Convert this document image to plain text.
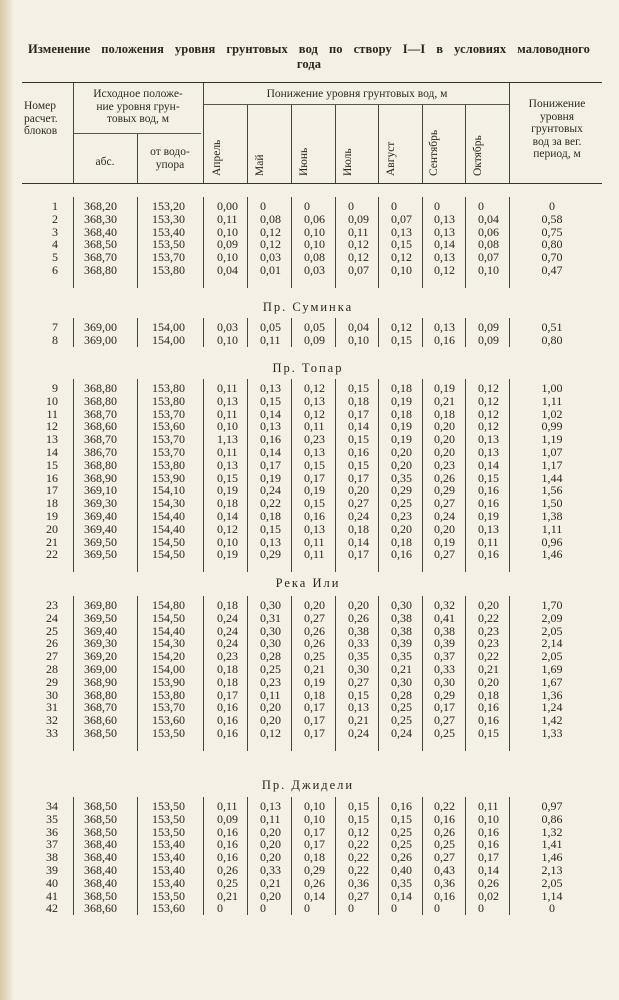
Изменение положения уровня грунтовых вод по створу I—I в условиях маловодного
года
Номер
расчет.
блоков
Исходное положе-
ние уровня грун-
товых вод, м
абс.
от водо-
упора
Понижение уровня грунтовых вод, м
Понижение
уровня
грунтовых
вод за вег.
период, м
Апрель	Май	Июнь	Июль	Август	Сентябрь	Октябрь
1 368,20	153,20	0,00 0	0	0	0	0	0	0
2 368,30	153,30	0,11 0,08 0,06 0,09 0,07 0,13 0,04	0,58
3 368,40	153,40	0,10 0,12 0,10 0,11 0,13 0,13 0,06	0,75
4 368,50	153,50	0,09 0,12 0,10 0,12 0,15 0,14 0,08	0,80
5 368,70	153,70	0,10 0,03 0,08 0,12 0,12 0,13 0,07	0,70
6 368,80	153,80	0,04 0,01 0,03 0,07 0,10 0,12 0,10	0,47
Пр. Суминка
7 369,00	154,00	0,03 0,05 0,05 0,04 0,12 0,13 0,09	0,51
8 369,00	154,00	0,10 0,11 0,09 0,10 0,15 0,16 0,09	0,80
Пр. Топар
9 368,80	153,80	0,11 0,13 0,12 0,15 0,18 0,19 0,12	1,00
10 368,80	153,80	0,13 0,15 0,13 0,18 0,19 0,21 0,12	1,11
11 368,70	153,70	0,11 0,14 0,12 0,17 0,18 0,18 0,12	1,02
12 368,60	153,60	0,10 0,13 0,11 0,14 0,19 0,20 0,12	0,99
13 368,70	153,70	1,13 0,16 0,23 0,15 0,19 0,20 0,13	1,19
14 386,70	153,70	0,11 0,14 0,13 0,16 0,20 0,20 0,13	1,07
15 368,80	153,80	0,13 0,17 0,15 0,15 0,20 0,23 0,14	1,17
16 368,90	153,90	0,15 0,19 0,17 0,17 0,35 0,26 0,15	1,44
17 369,10	154,10	0,19 0,24 0,19 0,20 0,29 0,29 0,16	1,56
18 369,30	154,30	0,18 0,22 0,15 0,27 0,25 0,27 0,16	1,50
19 369,40	154,40	0,14 0,18 0,16 0,24 0,23 0,24 0,19	1,38
20 369,40	154,40	0,12 0,15 0,13 0,18 0,20 0,20 0,13	1,11
21 369,50	154,50	0,10 0,13 0,11 0,14 0,18 0,19 0,11	0,96
22 369,50	154,50	0,19 0,29 0,11 0,17 0,16 0,27 0,16	1,46
Река Или
23 369,80	154,80	0,18 0,30 0,20 0,20 0,30 0,32 0,20	1,70
24 369,50	154,50	0,24 0,31 0,27 0,26 0,38 0,41 0,22	2,09
25 369,40	154,40	0,24 0,30 0,26 0,38 0,38 0,38 0,23	2,05
26 369,30	154,30	0,24 0,30 0,26 0,33 0,39 0,39 0,23	2,14
27 369,20	154,20	0,23 0,28 0,25 0,35 0,35 0,37 0,22	2,05
28 369,00	154,00	0,18 0,25 0,21 0,30 0,21 0,33 0,21	1,69
29 368,90	153,90	0,18 0,23 0,19 0,27 0,30 0,30 0,20	1,67
30 368,80	153,80	0,17 0,11 0,18 0,15 0,28 0,29 0,18	1,36
31 368,70	153,70	0,16 0,20 0,17 0,13 0,25 0,17 0,16	1,24
32 368,60	153,60	0,16 0,20 0,17 0,21 0,25 0,27 0,16	1,42
33 368,50	153,50	0,16 0,12 0,17 0,24 0,24 0,25 0,15	1,33
Пр. Джидели
34 368,50	153,50	0,11 0,13 0,10 0,15 0,16 0,22 0,11	0,97
35 368,50	153,50	0,09 0,11 0,10 0,15 0,15 0,16 0,10	0,86
36 368,50	153,50	0,16 0,20 0,17 0,12 0,25 0,26 0,16	1,32
37 368,40	153,40	0,16 0,20 0,17 0,22 0,25 0,25 0,16	1,41
38 368,40	153,40	0,16 0,20 0,18 0,22 0,26 0,27 0,17	1,46
39 368,40	153,40	0,26 0,33 0,29 0,22 0,40 0,43 0,14	2,13
40 368,40	153,40	0,25 0,21 0,26 0,36 0,35 0,36 0,26	2,05
41 368,50	153,50	0,21 0,20 0,14 0,27 0,14 0,16 0,02	1,14
42 368,60	153,60	0	0	0	0	0	0	0	0
